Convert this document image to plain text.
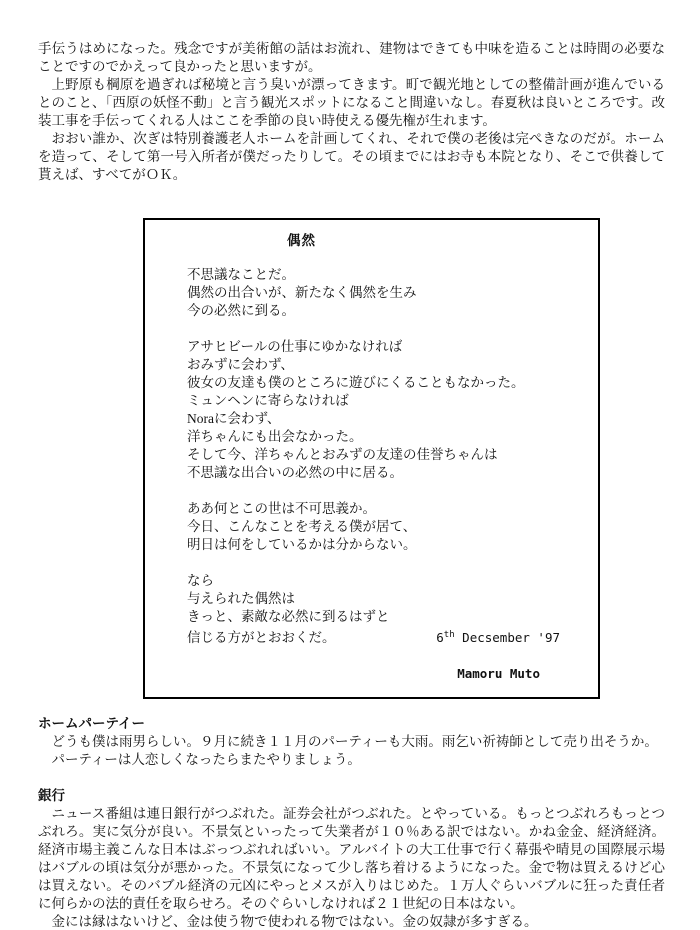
手伝うはめになった。残念ですが美術館の話はお流れ、建物はできても中味を造ることは時間の必要なことですのでかえって良かったと思いますが。

上野原も棡原を過ぎれば秘境と言う臭いが漂ってきます。町で観光地としての整備計画が進んでいるとのこと、「西原の妖怪不動」と言う観光スポットになること間違いなし。春夏秋は良いところです。改装工事を手伝ってくれる人はここを季節の良い時使える優先権が生れます。

おおい誰か、次ぎは特別養護老人ホームを計画してくれ、それで僕の老後は完ぺきなのだが。ホームを造って、そして第一号入所者が僕だったりして。その頃までにはお寺も本院となり、そこで供養して貰えば、すべてがＯＫ。

偶然
不思議なことだ。
偶然の出合いが、新たなく偶然を生み
今の必然に到る。
アサヒビールの仕事にゆかなければ
おみずに会わず、
彼女の友達も僕のところに遊びにくることもなかった。
ミュンヘンに寄らなければ
Noraに会わず、
洋ちゃんにも出会なかった。
そして今、洋ちゃんとおみずの友達の佳誉ちゃんは
不思議な出合いの必然の中に居る。
ああ何とこの世は不可思義か。
今日、こんなことを考える僕が居て、
明日は何をしているかは分からない。
なら
与えられた偶然は
きっと、素敵な必然に到るはずと
信じる方がとおおくだ。	6th Decsember '97
Mamoru Muto
ホームパーテイー

どうも僕は雨男らしい。９月に続き１１月のパーティーも大雨。雨乞い祈祷師として売り出そうか。

パーティーは人恋しくなったらまたやりましょう。

銀行

ニュース番組は連日銀行がつぶれた。証券会社がつぶれた。とやっている。もっとつぶれろもっとつぶれろ。実に気分が良い。不景気といったって失業者が１０％ある訳ではない。かね金金、経済経済。経済市場主義こんな日本はぶっつぶれればいい。アルバイトの大工仕事で行く幕張や晴見の国際展示場はバブルの頃は気分が悪かった。不景気になって少し落ち着けるようになった。金で物は買えるけど心は買えない。そのバブル経済の元凶にやっとメスが入りはじめた。１万人ぐらいバブルに狂った責任者に何らかの法的責任を取らせろ。そのぐらいしなければ２１世紀の日本はない。

金には縁はないけど、金は使う物で使われる物ではない。金の奴隷が多すぎる。
